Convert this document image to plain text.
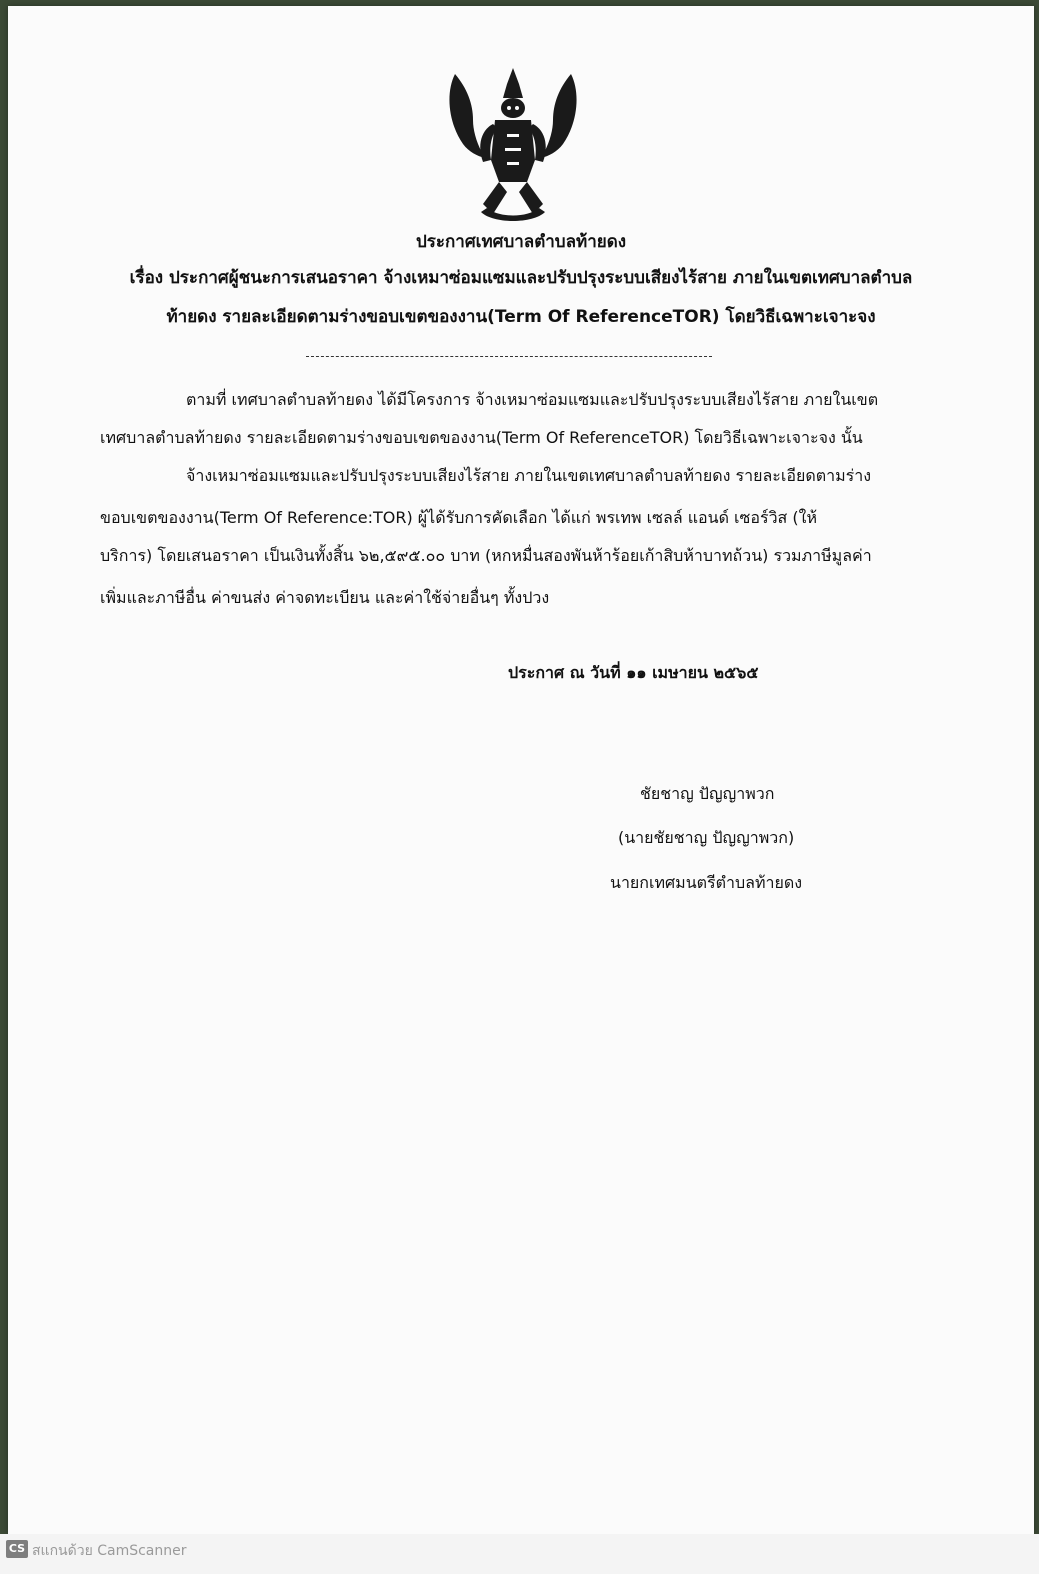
ประกาศเทศบาลตำบลท้ายดง
เรื่อง ประกาศผู้ชนะการเสนอราคา จ้างเหมาซ่อมแซมและปรับปรุงระบบเสียงไร้สาย ภายในเขตเทศบาลตำบล
ท้ายดง รายละเอียดตามร่างขอบเขตของงาน(Term Of ReferenceTOR) โดยวิธีเฉพาะเจาะจง
ตามที่ เทศบาลตำบลท้ายดง ได้มีโครงการ จ้างเหมาซ่อมแซมและปรับปรุงระบบเสียงไร้สาย ภายในเขต
เทศบาลตำบลท้ายดง รายละเอียดตามร่างขอบเขตของงาน(Term Of ReferenceTOR) โดยวิธีเฉพาะเจาะจง นั้น
จ้างเหมาซ่อมแซมและปรับปรุงระบบเสียงไร้สาย ภายในเขตเทศบาลตำบลท้ายดง รายละเอียดตามร่าง
ขอบเขตของงาน(Term Of Reference:TOR) ผู้ได้รับการคัดเลือก ได้แก่ พรเทพ เซลล์ แอนด์ เซอร์วิส (ให้
บริการ) โดยเสนอราคา เป็นเงินทั้งสิ้น ๖๒,๕๙๕.๐๐ บาท (หกหมื่นสองพันห้าร้อยเก้าสิบห้าบาทถ้วน) รวมภาษีมูลค่า
เพิ่มและภาษีอื่น ค่าขนส่ง ค่าจดทะเบียน และค่าใช้จ่ายอื่นๆ ทั้งปวง
ประกาศ ณ วันที่ ๑๑ เมษายน ๒๕๖๕
ชัยชาญ ปัญญาพวก
(นายชัยชาญ ปัญญาพวก)
นายกเทศมนตรีตำบลท้ายดง
CS สแกนด้วย CamScanner
